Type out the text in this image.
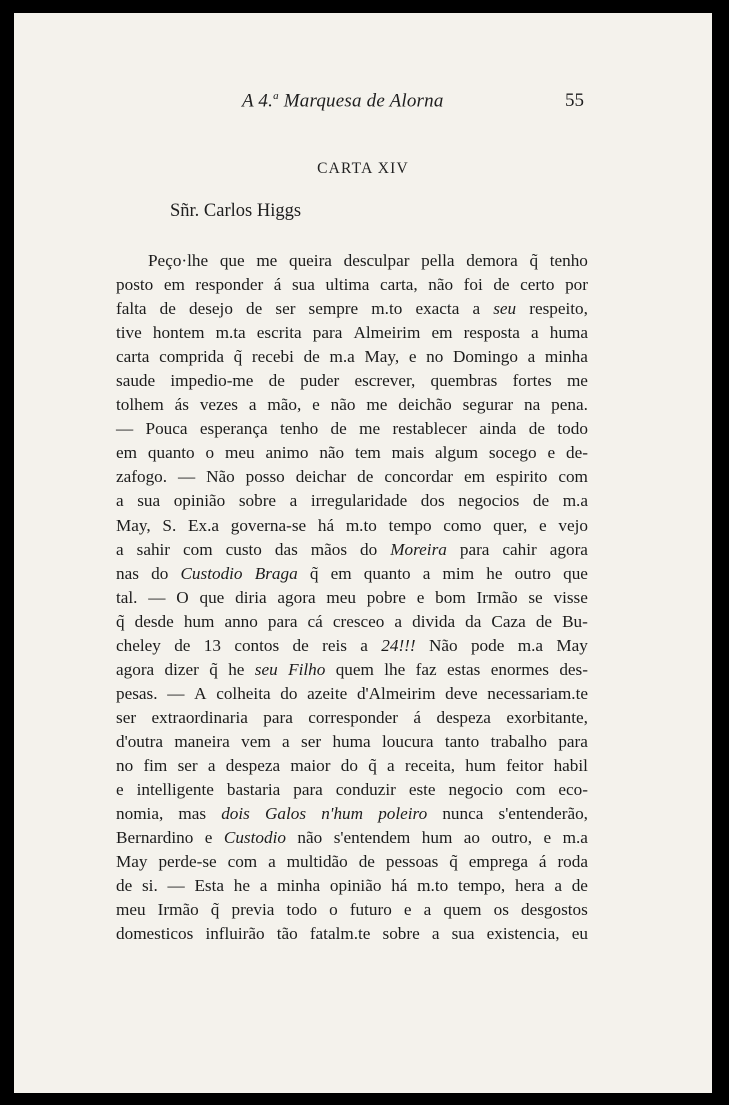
A 4.$^a$ Marquesa de Alorna	55
CARTA XIV
Sñr. Carlos Higgs
Peço·lhe que me queira desculpar pella demora q̃ tenho
posto em responder á sua ultima carta, não foi de certo por
falta de desejo de ser sempre m.to exacta a seu respeito,
tive hontem m.ta escrita para Almeirim em resposta a huma
carta comprida q̃ recebi de m.a May, e no Domingo a minha
saude impedio-me de puder escrever, quembras fortes me
tolhem ás vezes a mão, e não me deichão segurar na pena.
— Pouca esperança tenho de me restablecer ainda de todo
em quanto o meu animo não tem mais algum socego e de-
zafogo. — Não posso deichar de concordar em espirito com
a sua opinião sobre a irregularidade dos negocios de m.a
May, S. Ex.a governa-se há m.to tempo como quer, e vejo
a sahir com custo das mãos do Moreira para cahir agora
nas do Custodio Braga q̃ em quanto a mim he outro que
tal. — O que diria agora meu pobre e bom Irmão se visse
q̃ desde hum anno para cá cresceo a divida da Caza de Bu-
cheley de 13 contos de reis a 24!!! Não pode m.a May
agora dizer q̃ he seu Filho quem lhe faz estas enormes des-
pesas. — A colheita do azeite d'Almeirim deve necessariam.te
ser extraordinaria para corresponder á despeza exorbitante,
d'outra maneira vem a ser huma loucura tanto trabalho para
no fim ser a despeza maior do q̃ a receita, hum feitor habil
e intelligente bastaria para conduzir este negocio com eco-
nomia, mas dois Galos n'hum poleiro nunca s'entenderão,
Bernardino e Custodio não s'entendem hum ao outro, e m.a
May perde-se com a multidão de pessoas q̃ emprega á roda
de si. — Esta he a minha opinião há m.to tempo, hera a de
meu Irmão q̃ previa todo o futuro e a quem os desgostos
domesticos influirão tão fatalm.te sobre a sua existencia, eu
